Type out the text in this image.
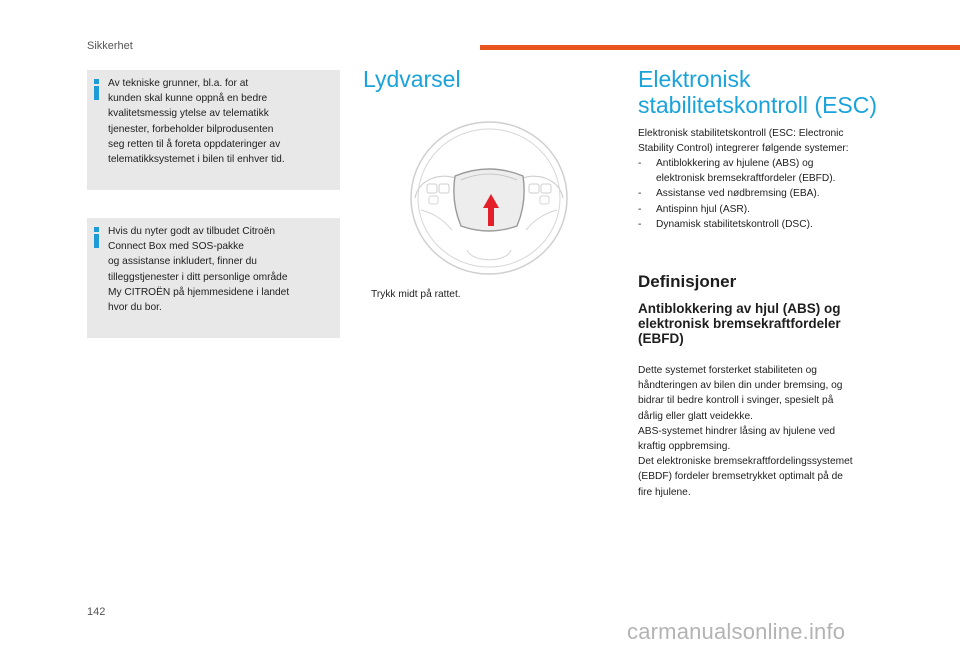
Sikkerhet
Av tekniske grunner, bl.a. for at
kunden skal kunne oppnå en bedre
kvalitetsmessig ytelse av telematikk
tjenester, forbeholder bilprodusenten
seg retten til å foreta oppdateringer av
telematikksystemet i bilen til enhver tid.
Hvis du nyter godt av tilbudet Citroën
Connect Box med SOS-pakke
og assistanse inkludert, finner du
tilleggstjenester i ditt personlige område
My CITROËN på hjemmesidene i landet
hvor du bor.
Lydvarsel
Trykk midt på rattet.
Elektronisk
stabilitetskontroll (ESC)
Elektronisk stabilitetskontroll (ESC: Electronic
Stability Control) integrerer følgende systemer:
- Antiblokkering av hjulene (ABS) og
elektronisk bremsekraftfordeler (EBFD).
- Assistanse ved nødbremsing (EBA).
- Antispinn hjul (ASR).
- Dynamisk stabilitetskontroll (DSC).
Definisjoner
Antiblokkering av hjul (ABS) og
elektronisk bremsekraftfordeler
(EBFD)
Dette systemet forsterket stabiliteten og
håndteringen av bilen din under bremsing, og
bidrar til bedre kontroll i svinger, spesielt på
dårlig eller glatt veidekke.
ABS-systemet hindrer låsing av hjulene ved
kraftig oppbremsing.
Det elektroniske bremsekraftfordelingssystemet
(EBDF) fordeler bremsetrykket optimalt på de
fire hjulene.
142
carmanualsonline.info
